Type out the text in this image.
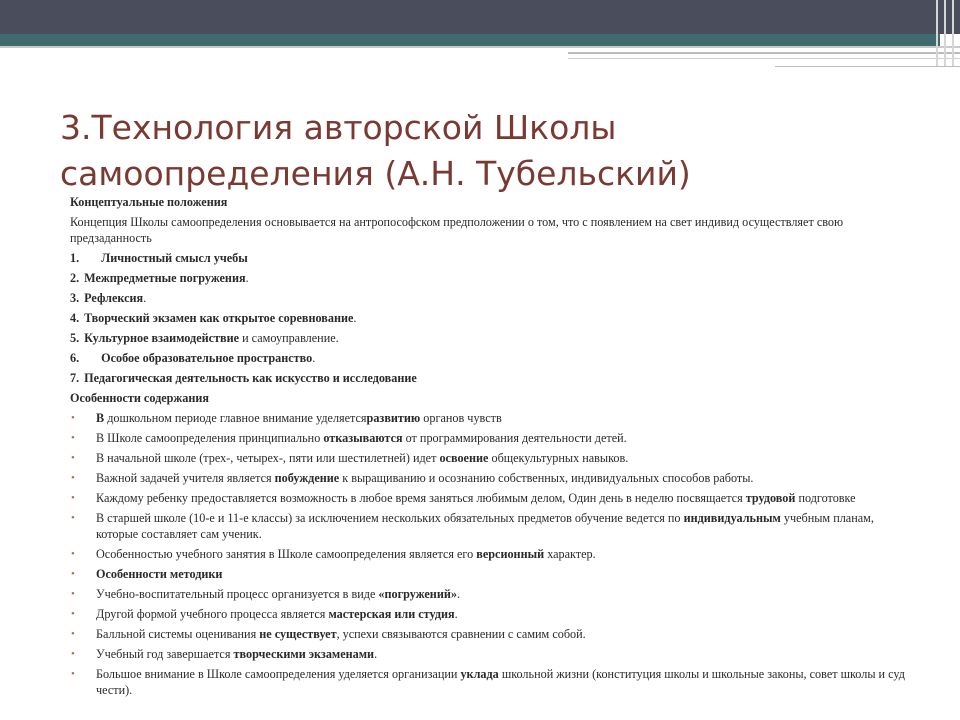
3.Технология авторской Школы
самоопределения (А.Н. Тубельский)
Концептуальные положения
Концепция Школы самоопределения основывается на антропософском предположении о том, что с появлением на свет индивид осуществляет свою предзаданность
1. Личностный смысл учебы
2. Межпредметные погружения.
3. Рефлексия.
4. Творческий экзамен как открытое соревнование.
5. Культурное взаимодействие и самоуправление.
6. Особое образовательное пространство.
7. Педагогическая деятельность как искусство и исследование
Особенности содержания
• В дошкольном периоде главное внимание уделяетсяразвитию органов чувств
• В Школе самоопределения принципиально отказываются от программирования деятельности детей.
• В начальной школе (трех-, четырех-, пяти или шестилетней) идет освоение общекультурных навыков.
• Важной задачей учителя является побуждение к выращиванию и осознанию собственных, индивидуальных способов работы.
• Каждому ребенку предоставляется возможность в любое время заняться любимым делом, Один день в неделю посвящается трудовой подготовке
• В старшей школе (10-е и 11-е классы) за исключением нескольких обязательных предметов обучение ведется по индивидуальным учебным планам, которые составляет сам ученик.
• Особенностью учебного занятия в Школе самоопределения является его версионный характер.
• Особенности методики
• Учебно-воспитательный процесс организуется в виде «погружений».
• Другой формой учебного процесса является мастерская или студия.
• Балльной системы оценивания не существует, успехи связываются сравнении с самим собой.
• Учебный год завершается творческими экзаменами.
• Большое внимание в Школе самоопределения уделяется организации уклада школьной жизни (конституция школы и школьные законы, совет школы и суд чести).
